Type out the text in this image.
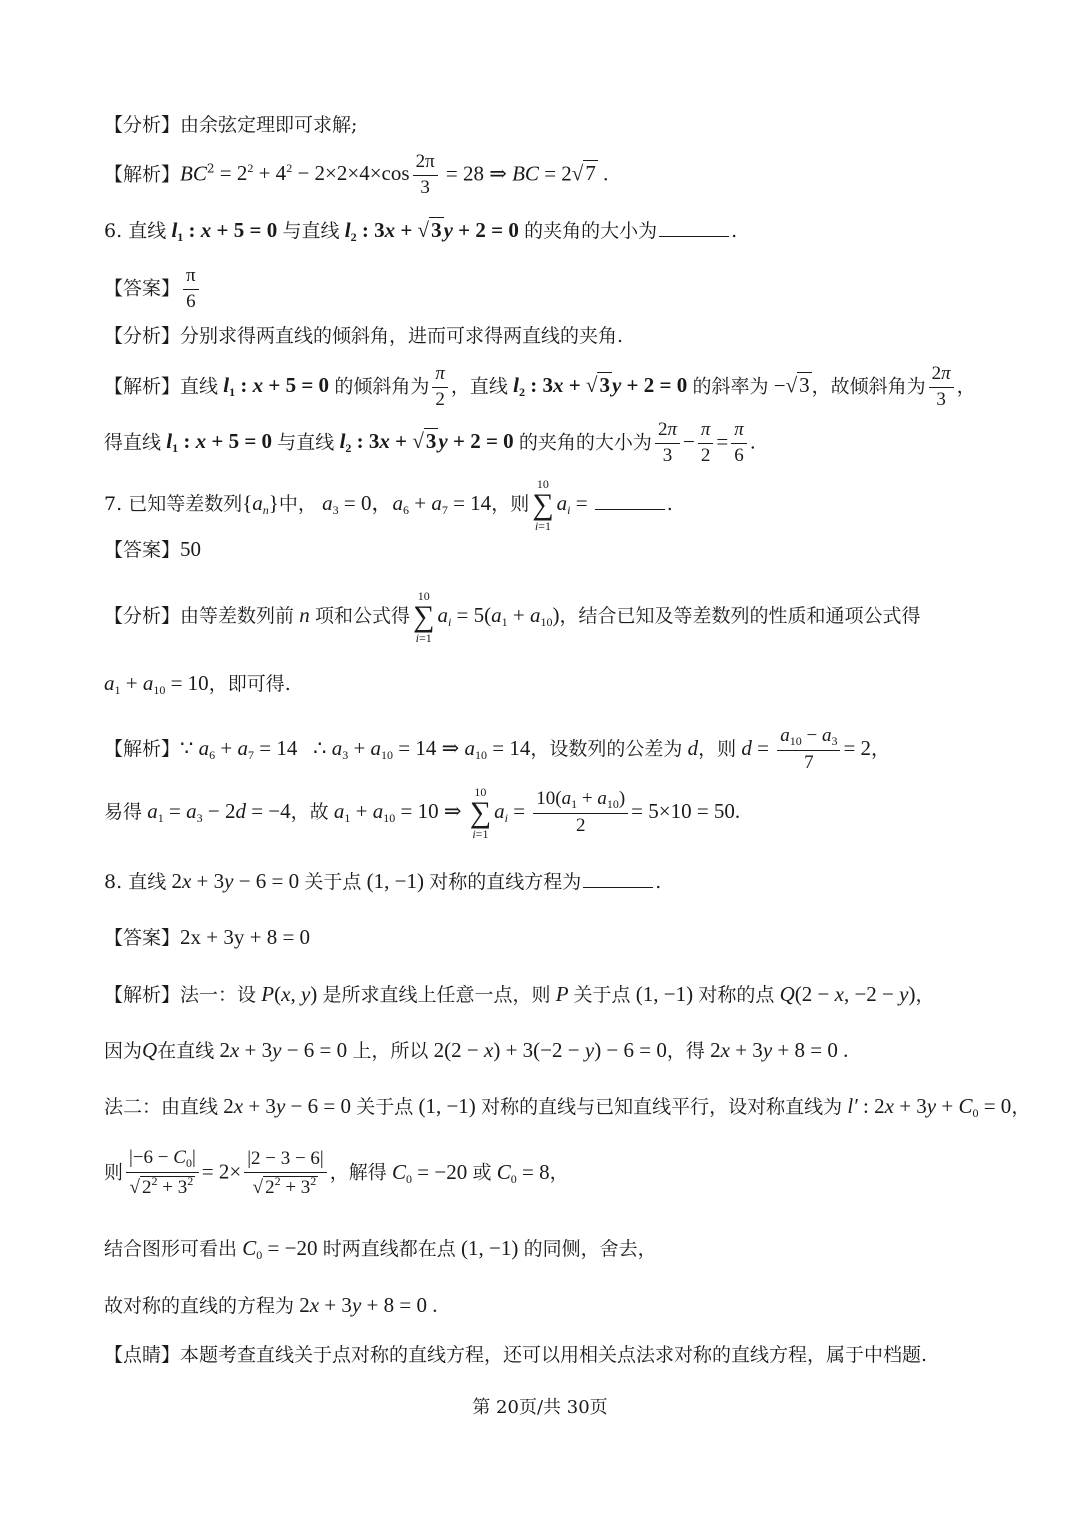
【分析】由余弦定理即可求解;
【解析】$BC^2 = 2^2 + 4^2 - 2\times 2\times 4\times\cos \frac{2\pi}{3} = 28$ ⇒ BC = 2√7 .
6. 直线 $l_1$ : x + 5 = 0 与直线 $l_2$ : 3x + √3y + 2 = 0 的夹角的大小为	.
【答案】 $\frac{\pi}{6}$
【分析】分别求得两直线的倾斜角，进而可求得两直线的夹角.
【解析】直线 $l_1$ : x + 5 = 0 的倾斜角为 $\frac{\pi}{2}$ ，直线 $l_2$ : 3x + √3y + 2 = 0 的斜率为 −√3 ，故倾斜角为 $\frac{2\pi}{3}$ ，
得直线 $l_1$ : x + 5 = 0 与直线 $l_2$ : 3x + √3y + 2 = 0 的夹角的大小为 $\frac{2\pi}{3} - \frac{\pi}{2} = \frac{\pi}{6}$ .
7. 已知等差数列$\{a_n\}$中， $a_3 = 0$，$a_6 + a_7 = 14$，则
10
∑
i=1
$a_i$ =	.
【答案】50
【分析】由等差数列前 n 项和公式得
10
∑
i=1
$a_i = 5(a_1 + a_{10})$，结合已知及等差数列的性质和通项公式得
$a_1 + a_{10} = 10$，即可得.
【解析】∵ $a_6 + a_7 = 14$   ∴ $a_3 + a_{10} = 14$ ⇒ $a_{10} = 14$，设数列的公差为 d，则 $d = \frac{a_{10} - a_3}{7} = 2$，
易得 $a_1 = a_3 - 2d = -4$，故 $a_1 + a_{10} = 10$ ⇒
10
∑
i=1
$a_i = \frac{10(a_1 + a_{10})}{2} = 5\times 10 = 50$.
8. 直线 2x + 3y − 6 = 0 关于点 (1, −1) 对称的直线方程为	.
【答案】2x + 3y + 8 = 0
【解析】法一：设 P(x, y) 是所求直线上任意一点，则 P 关于点 (1, −1) 对称的点 Q(2 − x, −2 − y)，
因为Q在直线 2x + 3y − 6 = 0 上，所以 2(2 − x) + 3(−2 − y) − 6 = 0，得 2x + 3y + 8 = 0 .
法二：由直线 2x + 3y − 6 = 0 关于点 (1, −1) 对称的直线与已知直线平行，设对称直线为 l′ : $2x + 3y + C_0 = 0$，
则 $\frac{|-6 - C_0|}{√ 2^2 + 3^2} = 2\times \frac{|2 - 3 - 6|}{√ 2^2 + 3^2}$ ，解得 $C_0 = -20$ 或 $C_0 = 8$，
结合图形可看出 $C_0 = -20$ 时两直线都在点 (1, −1) 的同侧，舍去，
故对称的直线的方程为 2x + 3y + 8 = 0 .
【点睛】本题考查直线关于点对称的直线方程，还可以用相关点法求对称的直线方程，属于中档题.
第 20页/共 30页
